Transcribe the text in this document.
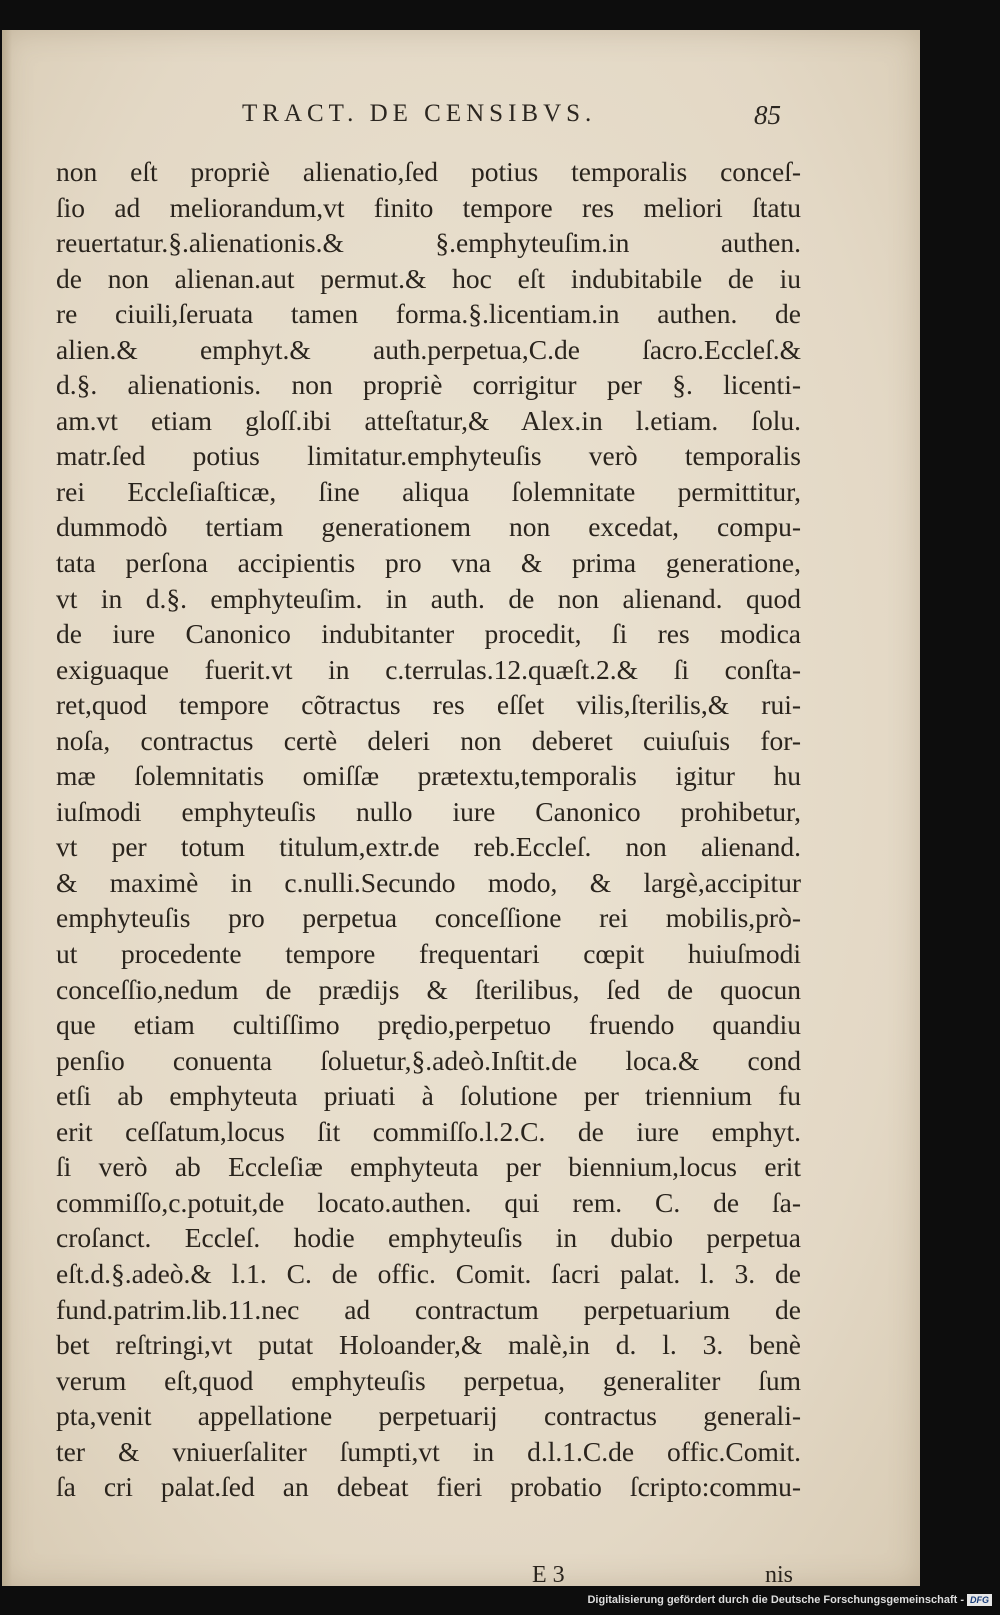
TRACT. DE CENSIBVS.	85
non eſt propriè alienatio,ſed potius temporalis conceſ-
ſio ad meliorandum,vt finito tempore res meliori ſtatu
reuertatur.§.alienationis.& §.emphyteuſim.in authen.
de non alienan.aut permut.& hoc eſt indubitabile de iu
re ciuili,ſeruata tamen forma.§.licentiam.in authen. de
alien.& emphyt.& auth.perpetua,C.de ſacro.Eccleſ.&
d.§. alienationis. non propriè corrigitur per §. licenti-
am.vt etiam gloſſ.ibi atteſtatur,& Alex.in l.etiam. ſolu.
matr.ſed potius limitatur.emphyteuſis verò temporalis
rei Eccleſiaſticæ, ſine aliqua ſolemnitate permittitur,
dummodò tertiam generationem non excedat, compu-
tata perſona accipientis pro vna & prima generatione,
vt in d.§. emphyteuſim. in auth. de non alienand. quod
de iure Canonico indubitanter procedit, ſi res modica
exiguaque fuerit.vt in c.terrulas.12.quæſt.2.& ſi conſta-
ret,quod tempore cõtractus res eſſet vilis,ſterilis,& rui-
noſa, contractus certè deleri non deberet cuiuſuis for-
mæ ſolemnitatis omiſſæ prætextu,temporalis igitur hu
iuſmodi emphyteuſis nullo iure Canonico prohibetur,
vt per totum titulum,extr.de reb.Eccleſ. non alienand.
& maximè in c.nulli.Secundo modo, & largè,accipitur
emphyteuſis pro perpetua conceſſione rei mobilis,prò-
ut procedente tempore frequentari cœpit huiuſmodi
conceſſio,nedum de prædijs & ſterilibus, ſed de quocun
que etiam cultiſſimo prędio,perpetuo fruendo quandiu
penſio conuenta ſoluetur,§.adeò.Inſtit.de loca.& cond
etſi ab emphyteuta priuati à ſolutione per triennium fu
erit ceſſatum,locus ſit commiſſo.l.2.C. de iure emphyt.
ſi verò ab Eccleſiæ emphyteuta per biennium,locus erit
commiſſo,c.potuit,de locato.authen. qui rem. C. de ſa-
croſanct. Eccleſ. hodie emphyteuſis in dubio perpetua
eſt.d.§.adeò.& l.1. C. de offic. Comit. ſacri palat. l. 3. de
fund.patrim.lib.11.nec ad contractum perpetuarium de
bet reſtringi,vt putat Holoander,& malè,in d. l. 3. benè
verum eſt,quod emphyteuſis perpetua, generaliter ſum
pta,venit appellatione perpetuarij contractus generali-
ter & vniuerſaliter ſumpti,vt in d.l.1.C.de offic.Comit.
ſa cri palat.ſed an debeat fieri probatio ſcripto:commu-
E 3	nis
Digitalisierung gefördert durch die Deutsche Forschungsgemeinschaft - DFG
